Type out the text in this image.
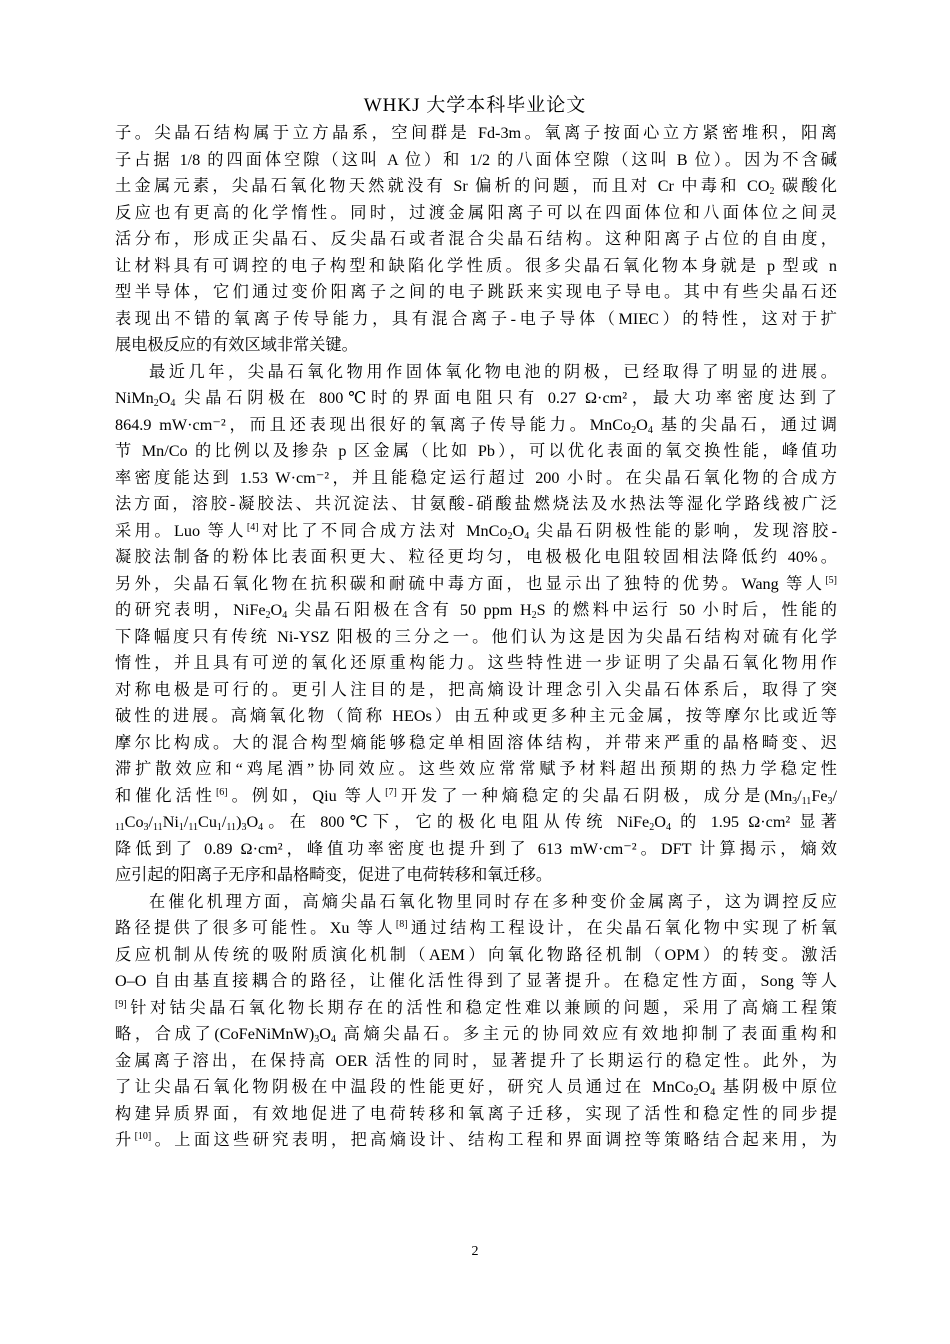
WHKJ 大学本科毕业论文
子。尖晶石结构属于立方晶系，空间群是 Fd-3m。氧离子按面心立方紧密堆积，阳离
子占据 1/8 的四面体空隙（这叫 A 位）和 1/2 的八面体空隙（这叫 B 位）。因为不含碱
土金属元素，尖晶石氧化物天然就没有 Sr 偏析的问题，而且对 Cr 中毒和 $CO_2$ 碳酸化
反应也有更高的化学惰性。同时，过渡金属阳离子可以在四面体位和八面体位之间灵
活分布，形成正尖晶石、反尖晶石或者混合尖晶石结构。这种阳离子占位的自由度，
让材料具有可调控的电子构型和缺陷化学性质。很多尖晶石氧化物本身就是 p 型或 n
型半导体，它们通过变价阳离子之间的电子跳跃来实现电子导电。其中有些尖晶石还
表现出不错的氧离子传导能力，具有混合离子-电子导体（MIEC）的特性，这对于扩
展电极反应的有效区域非常关键。
最近几年，尖晶石氧化物用作固体氧化物电池的阴极，已经取得了明显的进展。
$NiMn_2O_4$ 尖晶石阴极在 800℃时的界面电阻只有 0.27 Ω·cm²，最大功率密度达到了
864.9 mW·cm⁻²，而且还表现出很好的氧离子传导能力。$MnCo_2O_4$ 基的尖晶石，通过调
节 Mn/Co 的比例以及掺杂 p 区金属（比如 Pb），可以优化表面的氧交换性能，峰值功
率密度能达到 1.53 W·cm⁻²，并且能稳定运行超过 200 小时。在尖晶石氧化物的合成方
法方面，溶胶-凝胶法、共沉淀法、甘氨酸-硝酸盐燃烧法及水热法等湿化学路线被广泛
采用。Luo 等人[4]对比了不同合成方法对 $MnCo_2O_4$ 尖晶石阴极性能的影响，发现溶胶-
凝胶法制备的粉体比表面积更大、粒径更均匀，电极极化电阻较固相法降低约 40%。
另外，尖晶石氧化物在抗积碳和耐硫中毒方面，也显示出了独特的优势。Wang 等人[5]
的研究表明，$NiFe_2O_4$ 尖晶石阳极在含有 50 ppm $H_2S$ 的燃料中运行 50 小时后，性能的
下降幅度只有传统 Ni-YSZ 阳极的三分之一。他们认为这是因为尖晶石结构对硫有化学
惰性，并且具有可逆的氧化还原重构能力。这些特性进一步证明了尖晶石氧化物用作
对称电极是可行的。更引人注目的是，把高熵设计理念引入尖晶石体系后，取得了突
破性的进展。高熵氧化物（简称 HEOs）由五种或更多种主元金属，按等摩尔比或近等
摩尔比构成。大的混合构型熵能够稳定单相固溶体结构，并带来严重的晶格畸变、迟
滞扩散效应和“鸡尾酒”协同效应。这些效应常常赋予材料超出预期的热力学稳定性
和催化活性[6]。例如，Qiu 等人[7]开发了一种熵稳定的尖晶石阴极，成分是($Mn_3/_{11}Fe_3/$
$_{11}Co_3/_{11}Ni_1/_{11}Cu_1/_{11})_3O_4$。在 800℃下，它的极化电阻从传统 $NiFe_2O_4$ 的 1.95 Ω·cm² 显著
降低到了 0.89 Ω·cm²，峰值功率密度也提升到了 613 mW·cm⁻²。DFT 计算揭示，熵效
应引起的阳离子无序和晶格畸变，促进了电荷转移和氧迁移。
在催化机理方面，高熵尖晶石氧化物里同时存在多种变价金属离子，这为调控反应
路径提供了很多可能性。Xu 等人[8]通过结构工程设计，在尖晶石氧化物中实现了析氧
反应机制从传统的吸附质演化机制（AEM）向氧化物路径机制（OPM）的转变。激活
O–O 自由基直接耦合的路径，让催化活性得到了显著提升。在稳定性方面，Song 等人
[9]针对钴尖晶石氧化物长期存在的活性和稳定性难以兼顾的问题，采用了高熵工程策
略，合成了$(CoFeNiMnW)_3O_4$ 高熵尖晶石。多主元的协同效应有效地抑制了表面重构和
金属离子溶出，在保持高 OER 活性的同时，显著提升了长期运行的稳定性。此外，为
了让尖晶石氧化物阴极在中温段的性能更好，研究人员通过在 $MnCo_2O_4$ 基阴极中原位
构建异质界面，有效地促进了电荷转移和氧离子迁移，实现了活性和稳定性的同步提
升[10]。上面这些研究表明，把高熵设计、结构工程和界面调控等策略结合起来用，为
2
